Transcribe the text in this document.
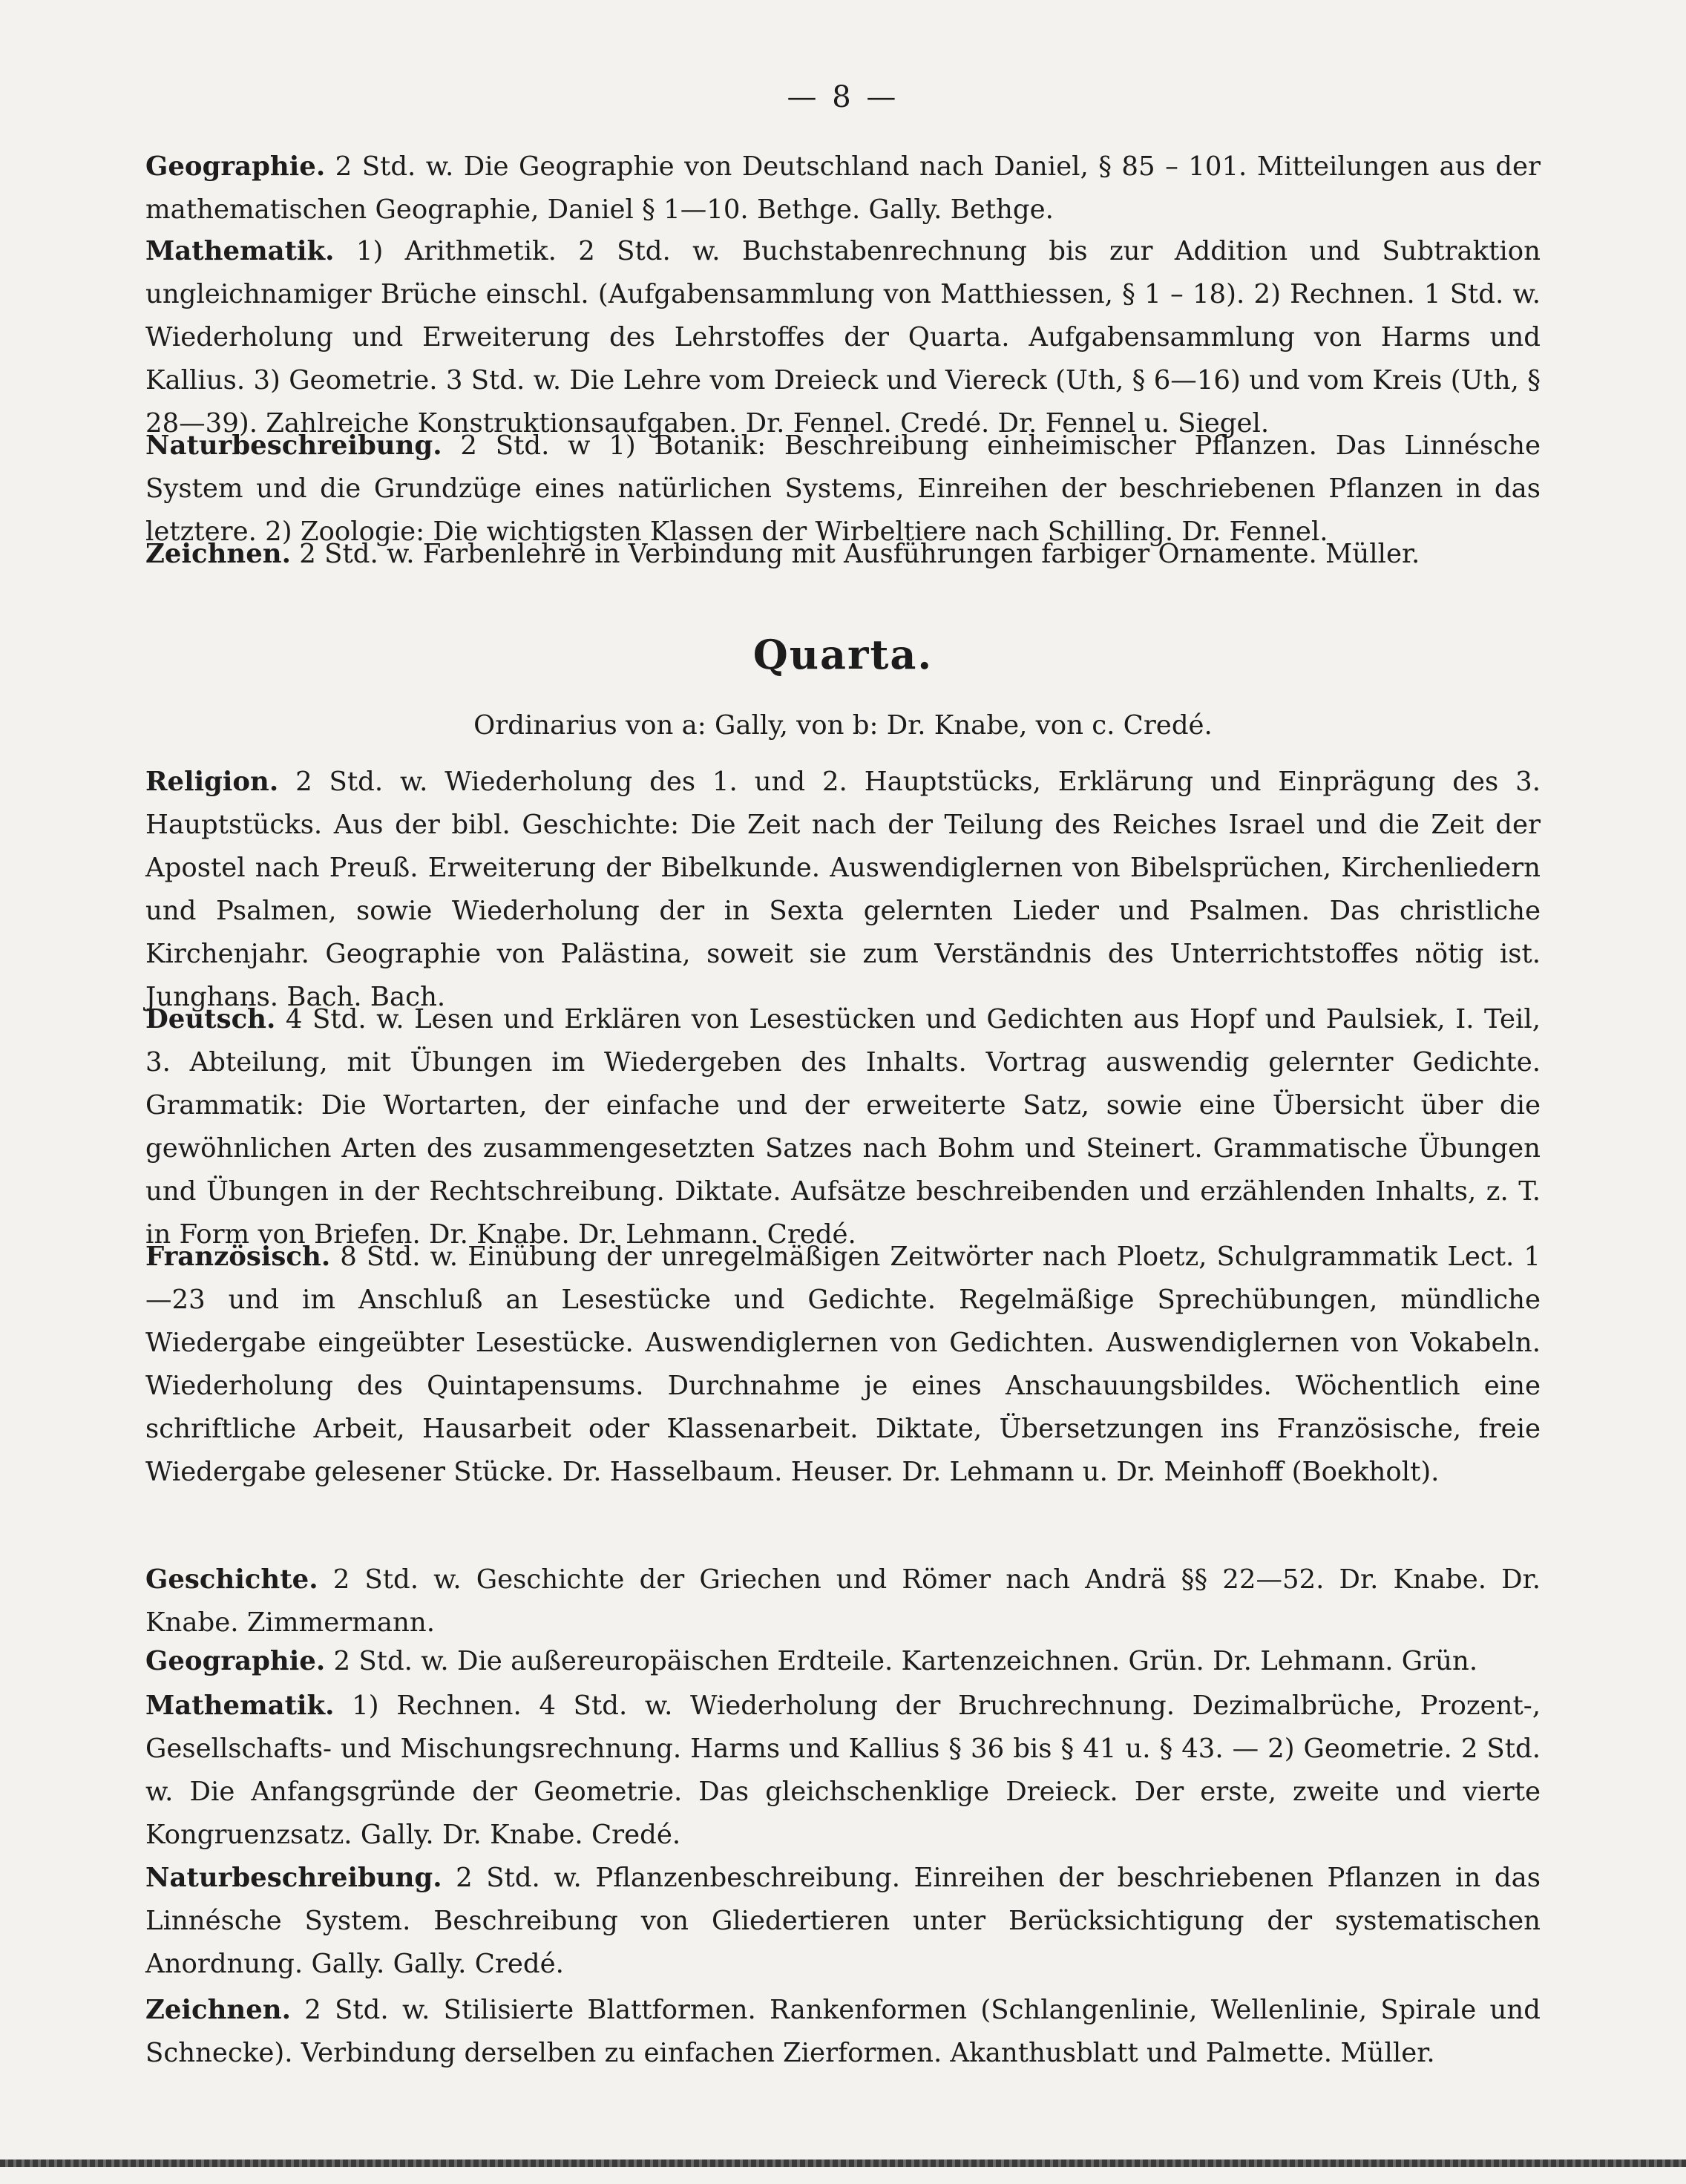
— 8 —
Geographie. 2 Std. w. Die Geographie von Deutschland nach Daniel, § 85 – 101. Mitteilungen aus der mathematischen Geographie, Daniel § 1—10. Bethge. Gally. Bethge.
Mathematik. 1) Arithmetik. 2 Std. w. Buchstabenrechnung bis zur Addition und Subtraktion ungleichnamiger Brüche einschl. (Aufgabensammlung von Matthiessen, § 1 – 18). 2) Rechnen. 1 Std. w. Wiederholung und Erweiterung des Lehrstoffes der Quarta. Aufgabensammlung von Harms und Kallius. 3) Geometrie. 3 Std. w. Die Lehre vom Dreieck und Viereck (Uth, § 6—16) und vom Kreis (Uth, § 28—39). Zahlreiche Konstruktionsaufgaben. Dr. Fennel. Credé. Dr. Fennel u. Siegel.
Naturbeschreibung. 2 Std. w 1) Botanik: Beschreibung einheimischer Pflanzen. Das Linnésche System und die Grundzüge eines natürlichen Systems, Einreihen der beschriebenen Pflanzen in das letztere. 2) Zoologie: Die wichtigsten Klassen der Wirbeltiere nach Schilling. Dr. Fennel.
Zeichnen. 2 Std. w. Farbenlehre in Verbindung mit Ausführungen farbiger Ornamente. Müller.
Quarta.
Ordinarius von a: Gally, von b: Dr. Knabe, von c. Credé.
Religion. 2 Std. w. Wiederholung des 1. und 2. Hauptstücks, Erklärung und Einprägung des 3. Hauptstücks. Aus der bibl. Geschichte: Die Zeit nach der Teilung des Reiches Israel und die Zeit der Apostel nach Preuß. Erweiterung der Bibelkunde. Auswendiglernen von Bibelsprüchen, Kirchenliedern und Psalmen, sowie Wiederholung der in Sexta gelernten Lieder und Psalmen. Das christliche Kirchenjahr. Geographie von Palästina, soweit sie zum Verständnis des Unterrichtstoffes nötig ist. Junghans. Bach. Bach.
Deutsch. 4 Std. w. Lesen und Erklären von Lesestücken und Gedichten aus Hopf und Paulsiek, I. Teil, 3. Abteilung, mit Übungen im Wiedergeben des Inhalts. Vortrag auswendig gelernter Gedichte. Grammatik: Die Wortarten, der einfache und der erweiterte Satz, sowie eine Übersicht über die gewöhnlichen Arten des zusammengesetzten Satzes nach Bohm und Steinert. Grammatische Übungen und Übungen in der Rechtschreibung. Diktate. Aufsätze beschreibenden und erzählenden Inhalts, z. T. in Form von Briefen. Dr. Knabe. Dr. Lehmann. Credé.
Französisch. 8 Std. w. Einübung der unregelmäßigen Zeitwörter nach Ploetz, Schulgrammatik Lect. 1—23 und im Anschluß an Lesestücke und Gedichte. Regelmäßige Sprechübungen, mündliche Wiedergabe eingeübter Lesestücke. Auswendiglernen von Gedichten. Auswendiglernen von Vokabeln. Wiederholung des Quintapensums. Durchnahme je eines Anschauungsbildes. Wöchentlich eine schriftliche Arbeit, Hausarbeit oder Klassenarbeit. Diktate, Übersetzungen ins Französische, freie Wiedergabe gelesener Stücke. Dr. Hasselbaum. Heuser. Dr. Lehmann u. Dr. Meinhoff (Boekholt).
Geschichte. 2 Std. w. Geschichte der Griechen und Römer nach Andrä §§ 22—52. Dr. Knabe. Dr. Knabe. Zimmermann.
Geographie. 2 Std. w. Die außereuropäischen Erdteile. Kartenzeichnen. Grün. Dr. Lehmann. Grün.
Mathematik. 1) Rechnen. 4 Std. w. Wiederholung der Bruchrechnung. Dezimalbrüche, Prozent-, Gesellschafts- und Mischungsrechnung. Harms und Kallius § 36 bis § 41 u. § 43. — 2) Geometrie. 2 Std. w. Die Anfangsgründe der Geometrie. Das gleichschenklige Dreieck. Der erste, zweite und vierte Kongruenzsatz. Gally. Dr. Knabe. Credé.
Naturbeschreibung. 2 Std. w. Pflanzenbeschreibung. Einreihen der beschriebenen Pflanzen in das Linnésche System. Beschreibung von Gliedertieren unter Berücksichtigung der systematischen Anordnung. Gally. Gally. Credé.
Zeichnen. 2 Std. w. Stilisierte Blattformen. Rankenformen (Schlangenlinie, Wellenlinie, Spirale und Schnecke). Verbindung derselben zu einfachen Zierformen. Akanthusblatt und Palmette. Müller.
